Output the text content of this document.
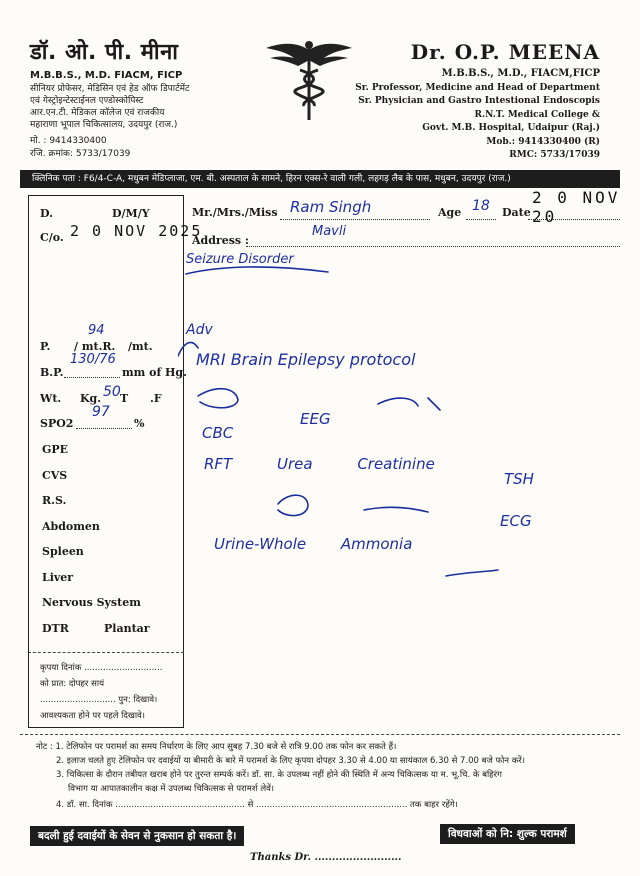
डॉ. ओ. पी. मीना
M.B.B.S., M.D. FIACM, FICP
सीनियर प्रोफेसर, मेडिसिन एवं हेड ऑफ डिपार्टमेंट
एवं गेस्ट्रोइन्टेस्टाईनल एण्डोस्कोपिस्ट
आर.एन.टी. मेडिकल कॉलेज एवं राजकीय
महाराणा भूपाल चिकित्सालय, उदयपुर (राज.)
मो. : 9414330400
रजि. क्रमांक: 5733/17039
Dr. O.P. MEENA
M.B.B.S., M.D., FIACM,FICP
Sr. Professor, Medicine and Head of Department
Sr. Physician and Gastro Intestional Endoscopis
R.N.T. Medical College &
Govt. M.B. Hospital, Udaipur (Raj.)
Mob.: 9414330400 (R)
RMC: 5733/17039
क्लिनिक पता : F6/4-C-A, मधुबन मेडिप्लाजा, एम. बी. अस्पताल के सामने, हिरन एक्स-रे वाली गली, लहगड़ लैब के पास, मधुबन, उदयपुर (राज.)
Mr./Mrs./Miss Ram Singh	Age 18 Date
2 0 NOV 20
Address :
Mavli
Seizure Disorder
D.	D/M/Y
C/o. 2 0 NOV 2025
P.
94
/ mt.R. /mt.
B.P.
130/76
mm of Hg.
Wt. Kg. 50 T .F
SPO2
97
%
GPE
CVS
R.S.
Abdomen
Spleen
Liver
Nervous System
DTR	Plantar
कृपया दिनांक .............................
को प्रात: दोपहर सायं
............................ पुन: दिखावे।
आवश्यकता होने पर पहले दिखावे।
Adv
MRI Brain Epilepsy protocol
EEG
CBC
RFT Urea Creatinine
TSH
Urine-Whole Ammonia
ECG
नोट : 1. टेलिफोन पर परामर्श का समय निर्धारण के लिए आप सुबह 7.30 बजे से रात्रि 9.00 तक फोन कर सकते हैं।
2. इलाज चलते हुए टेलिफोन पर दवाईयों या बीमारी के बारे में परामर्श के लिए कृपया दोपहर 3.30 से 4.00 या सायंकाल 6.30 से 7.00 बजे फोन करें।
3. चिकित्सा के दौरान तबीयत खराब होने पर तुरन्त सम्पर्क करें। डॉ. सा. के उपलब्ध नहीं होने की स्थिति में अन्य चिकित्सक या म. भू.चि. के बहिरंग
विभाग या आपातकालीन कक्ष में उपलब्ध चिकित्सक से परामर्श लेवें।
4. डॉ. सा. दिनांक ................................................ से ........................................................ तक बाहर रहेंगे।
बदली हुई दवाईयों के सेवन से नुकसान हो सकता है।	विधवाओं को नि: शुल्क परामर्श
Thanks Dr. .........................
